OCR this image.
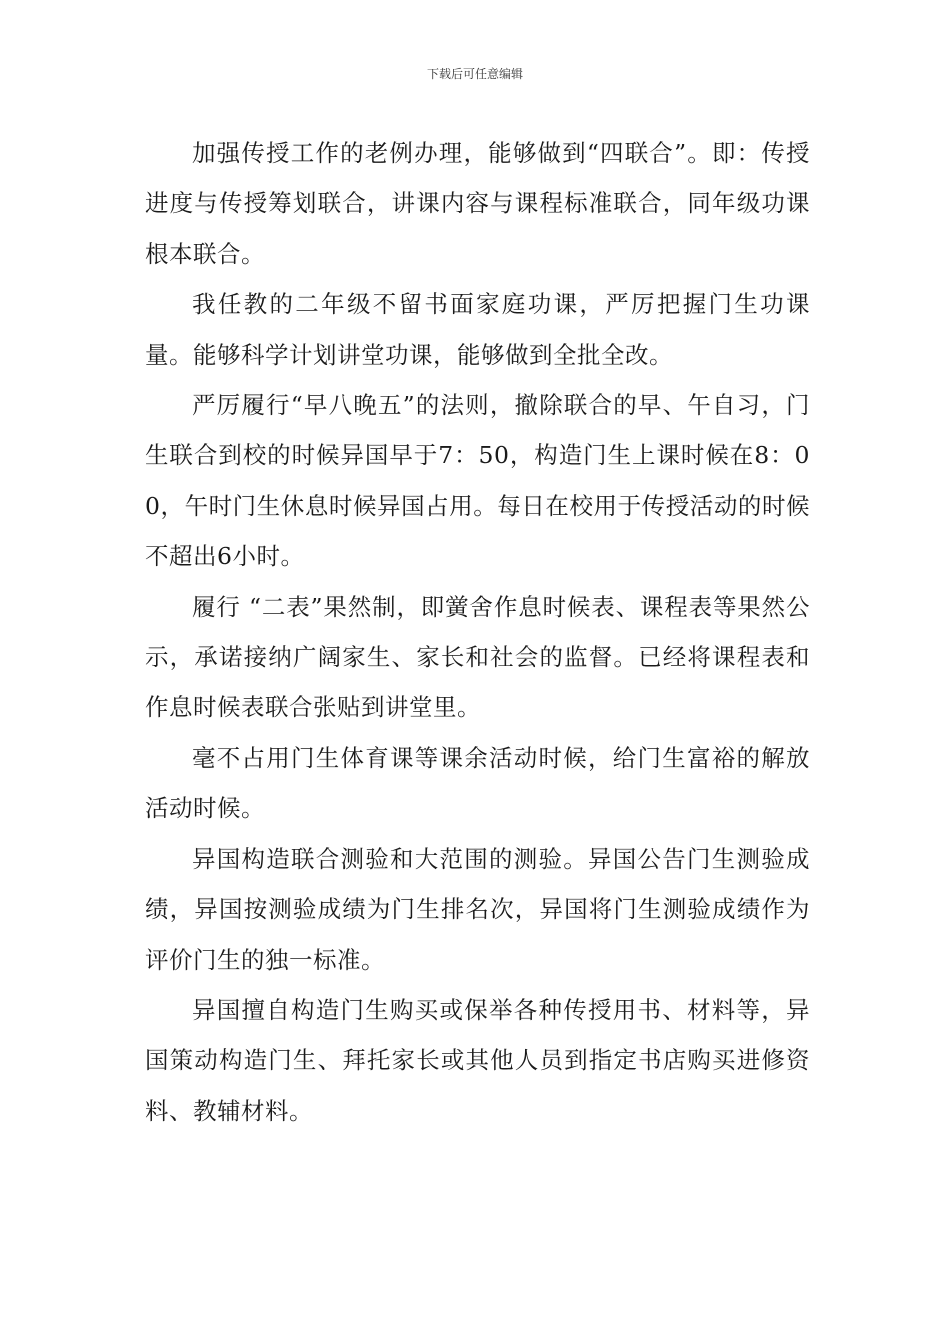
下载后可任意编辑

加强传授工作的老例办理，能够做到“四联合”。即：传授进度与传授筹划联合，讲课内容与课程标准联合，同年级功课根本联合。

我任教的二年级不留书面家庭功课，严厉把握门生功课量。能够科学计划讲堂功课，能够做到全批全改。

严厉履行“早八晚五”的法则，撤除联合的早、午自习，门生联合到校的时候异国早于7：50，构造门生上课时候在8：00，午时门生休息时候异国占用。每日在校用于传授活动的时候不超出6小时。

履行 “二表”果然制，即黉舍作息时候表、课程表等果然公示，承诺接纳广阔家生、家长和社会的监督。已经将课程表和作息时候表联合张贴到讲堂里。

毫不占用门生体育课等课余活动时候，给门生富裕的解放活动时候。

异国构造联合测验和大范围的测验。异国公告门生测验成绩，异国按测验成绩为门生排名次，异国将门生测验成绩作为评价门生的独一标准。

异国擅自构造门生购买或保举各种传授用书、材料等，异国策动构造门生、拜托家长或其他人员到指定书店购买进修资料、教辅材料。
